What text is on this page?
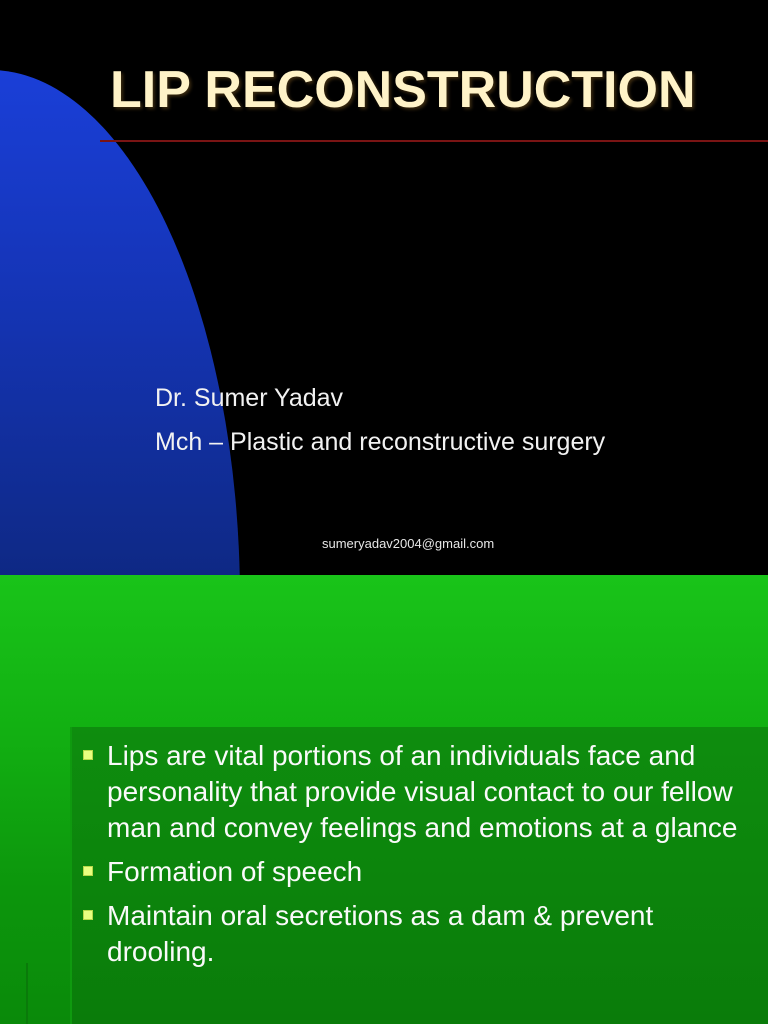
LIP RECONSTRUCTION
Dr. Sumer Yadav
Mch – Plastic and reconstructive surgery
sumeryadav2004@gmail.com
Lips are vital portions of an individuals face and personality that provide visual contact to our fellow man and convey feelings and emotions at a glance
Formation of speech
Maintain oral secretions as a dam & prevent drooling.
